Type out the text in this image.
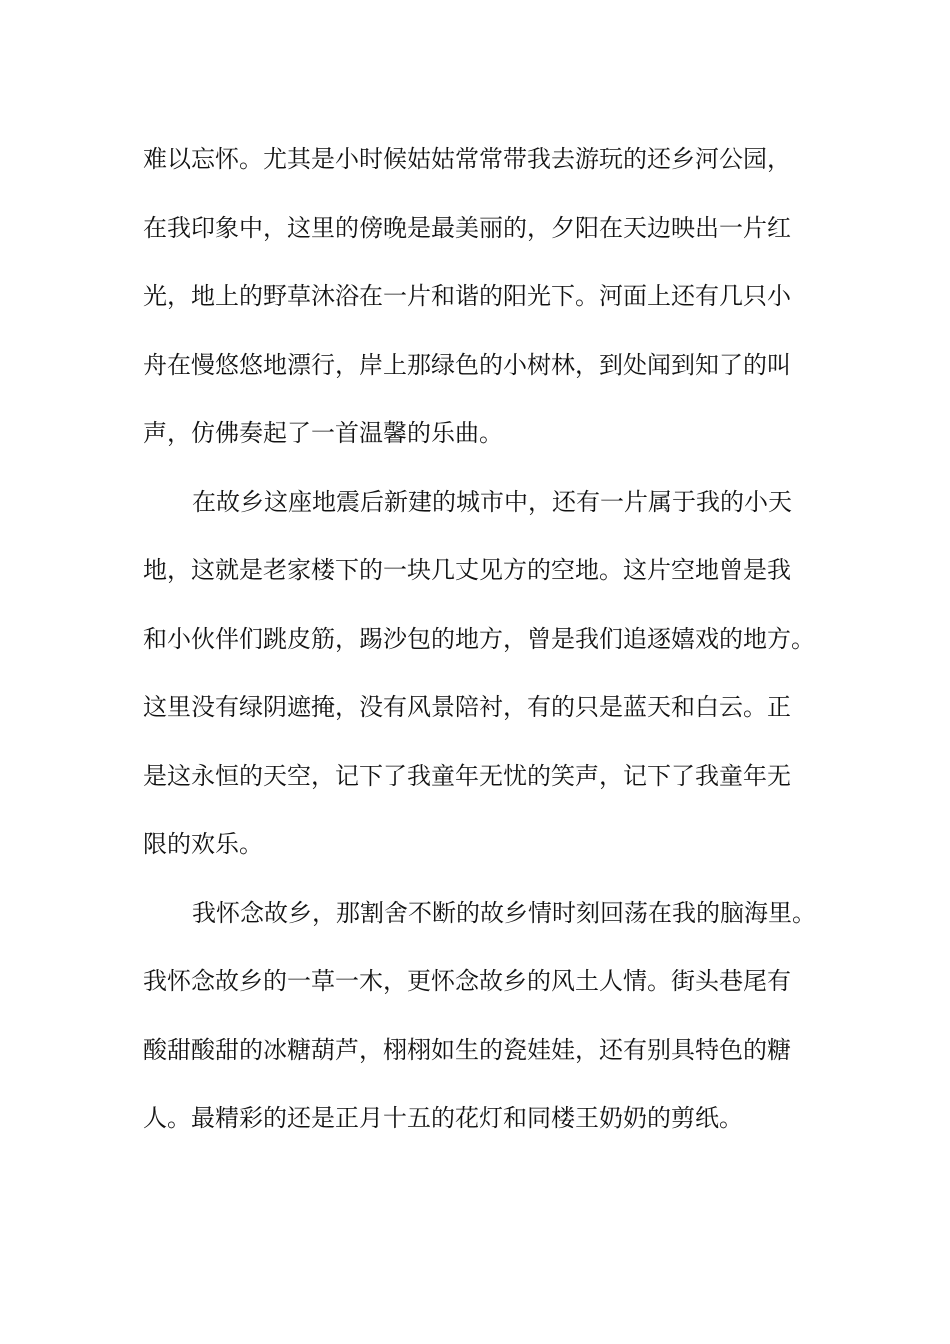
难以忘怀。尤其是小时候姑姑常常带我去游玩的还乡河公园，
在我印象中，这里的傍晚是最美丽的，夕阳在天边映出一片红
光，地上的野草沐浴在一片和谐的阳光下。河面上还有几只小
舟在慢悠悠地漂行，岸上那绿色的小树林，到处闻到知了的叫
声，仿佛奏起了一首温馨的乐曲。
在故乡这座地震后新建的城市中，还有一片属于我的小天
地，这就是老家楼下的一块几丈见方的空地。这片空地曾是我
和小伙伴们跳皮筋，踢沙包的地方，曾是我们追逐嬉戏的地方。
这里没有绿阴遮掩，没有风景陪衬，有的只是蓝天和白云。正
是这永恒的天空，记下了我童年无忧的笑声，记下了我童年无
限的欢乐。
我怀念故乡，那割舍不断的故乡情时刻回荡在我的脑海里。
我怀念故乡的一草一木，更怀念故乡的风土人情。街头巷尾有
酸甜酸甜的冰糖葫芦，栩栩如生的瓷娃娃，还有别具特色的糖
人。最精彩的还是正月十五的花灯和同楼王奶奶的剪纸。
